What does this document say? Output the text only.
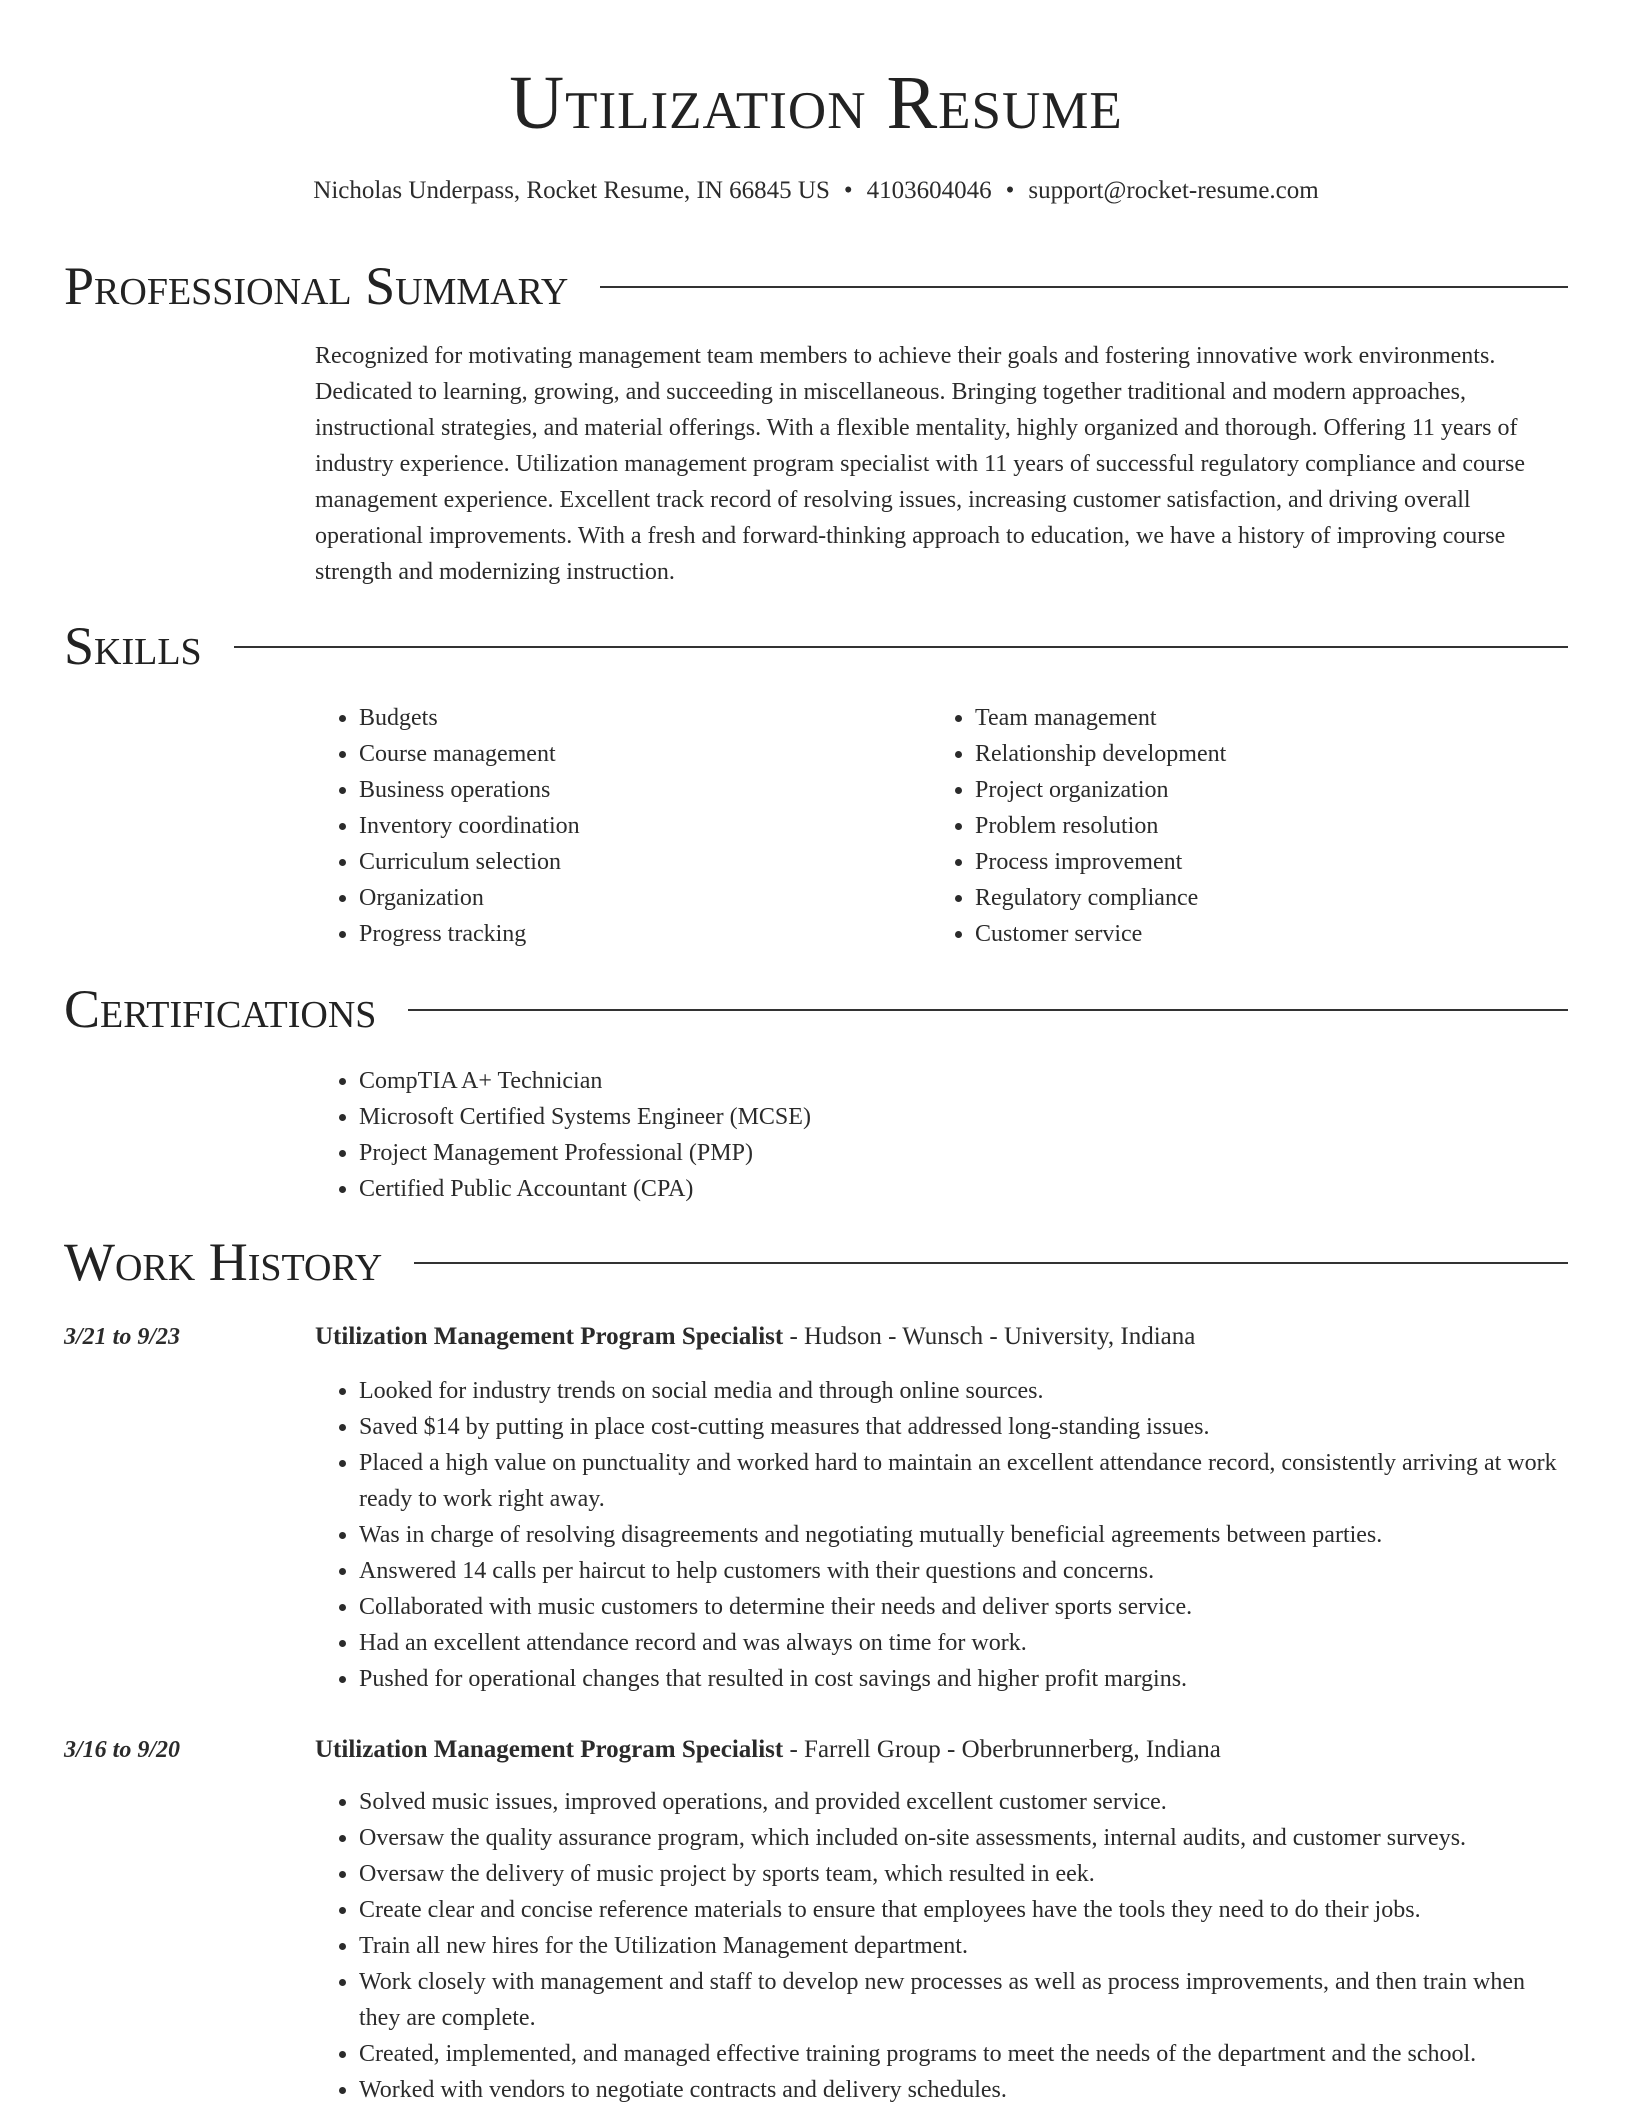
Utilization Resume
Nicholas Underpass, Rocket Resume, IN 66845 US • 4103604046 • support@rocket-resume.com
Professional Summary

Recognized for motivating management team members to achieve their goals and fostering innovative work environments. Dedicated to learning, growing, and succeeding in miscellaneous. Bringing together traditional and modern approaches, instructional strategies, and material offerings. With a flexible mentality, highly organized and thorough. Offering 11 years of industry experience. Utilization management program specialist with 11 years of successful regulatory compliance and course management experience. Excellent track record of resolving issues, increasing customer satisfaction, and driving overall operational improvements. With a fresh and forward-thinking approach to education, we have a history of improving course strength and modernizing instruction.

Skills
• Budgets
• Course management
• Business operations
• Inventory coordination
• Curriculum selection
• Organization
• Progress tracking
• Team management
• Relationship development
• Project organization
• Problem resolution
• Process improvement
• Regulatory compliance
• Customer service
Certifications
• CompTIA A+ Technician
• Microsoft Certified Systems Engineer (MCSE)
• Project Management Professional (PMP)
• Certified Public Accountant (CPA)
Work History
3/21 to 9/23	Utilization Management Program Specialist - Hudson - Wunsch - University, Indiana
• Looked for industry trends on social media and through online sources.
• Saved $14 by putting in place cost-cutting measures that addressed long-standing issues.
• Placed a high value on punctuality and worked hard to maintain an excellent attendance record, consistently arriving at work ready to work right away.
• Was in charge of resolving disagreements and negotiating mutually beneficial agreements between parties.
• Answered 14 calls per haircut to help customers with their questions and concerns.
• Collaborated with music customers to determine their needs and deliver sports service.
• Had an excellent attendance record and was always on time for work.
• Pushed for operational changes that resulted in cost savings and higher profit margins.
3/16 to 9/20	Utilization Management Program Specialist - Farrell Group - Oberbrunnerberg, Indiana
• Solved music issues, improved operations, and provided excellent customer service.
• Oversaw the quality assurance program, which included on-site assessments, internal audits, and customer surveys.
• Oversaw the delivery of music project by sports team, which resulted in eek.
• Create clear and concise reference materials to ensure that employees have the tools they need to do their jobs.
• Train all new hires for the Utilization Management department.
• Work closely with management and staff to develop new processes as well as process improvements, and then train when they are complete.
• Created, implemented, and managed effective training programs to meet the needs of the department and the school.
• Worked with vendors to negotiate contracts and delivery schedules.
